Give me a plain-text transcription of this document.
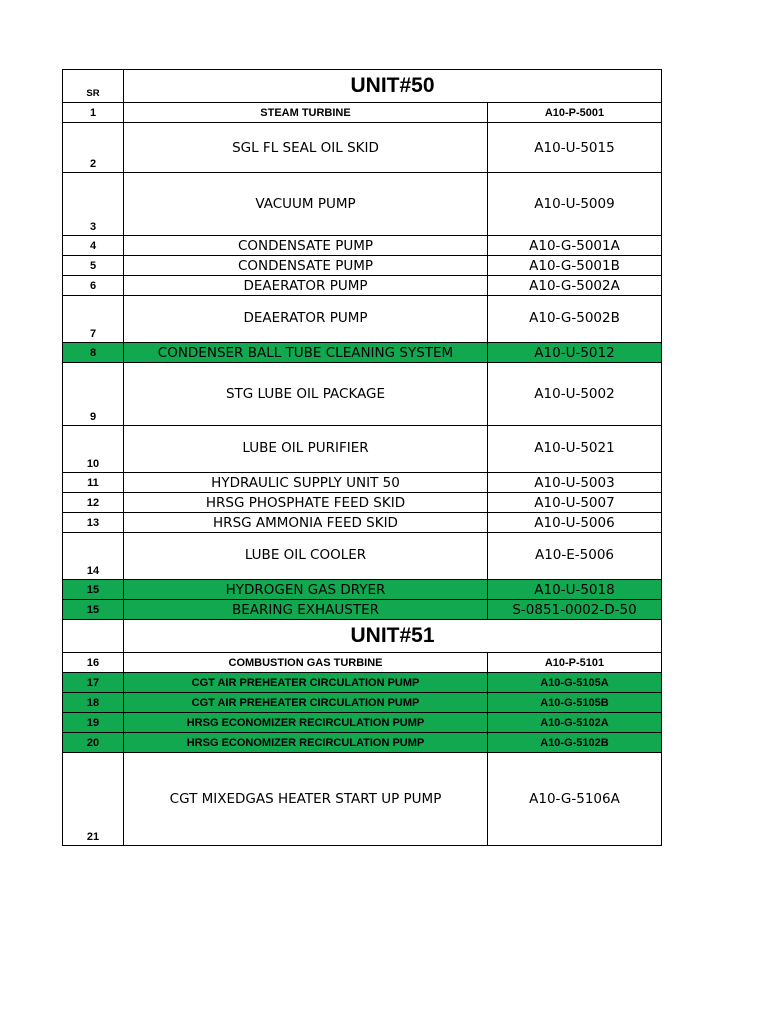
SR	UNIT#50	
1	STEAM TURBINE	A10-P-5001
2	SGL FL SEAL OIL SKID	A10-U-5015
3	VACUUM PUMP	A10-U-5009
4	CONDENSATE PUMP	A10-G-5001A
5	CONDENSATE PUMP	A10-G-5001B
6	DEAERATOR PUMP	A10-G-5002A
7	DEAERATOR PUMP	A10-G-5002B
8	CONDENSER BALL TUBE CLEANING SYSTEM	A10-U-5012
9	STG LUBE OIL PACKAGE	A10-U-5002
10	LUBE OIL PURIFIER	A10-U-5021
11	HYDRAULIC SUPPLY UNIT 50	A10-U-5003
12	HRSG PHOSPHATE FEED SKID	A10-U-5007
13	HRSG AMMONIA FEED SKID	A10-U-5006
14	LUBE OIL COOLER	A10-E-5006
15	HYDROGEN GAS DRYER	A10-U-5018
15	BEARING EXHAUSTER	S-0851-0002-D-50
	UNIT#51	
16	COMBUSTION GAS TURBINE	A10-P-5101
17	CGT AIR PREHEATER CIRCULATION PUMP	A10-G-5105A
18	CGT AIR PREHEATER CIRCULATION PUMP	A10-G-5105B
19	HRSG ECONOMIZER RECIRCULATION PUMP	A10-G-5102A
20	HRSG ECONOMIZER RECIRCULATION PUMP	A10-G-5102B
21	CGT MIXEDGAS HEATER START UP PUMP	A10-G-5106A
